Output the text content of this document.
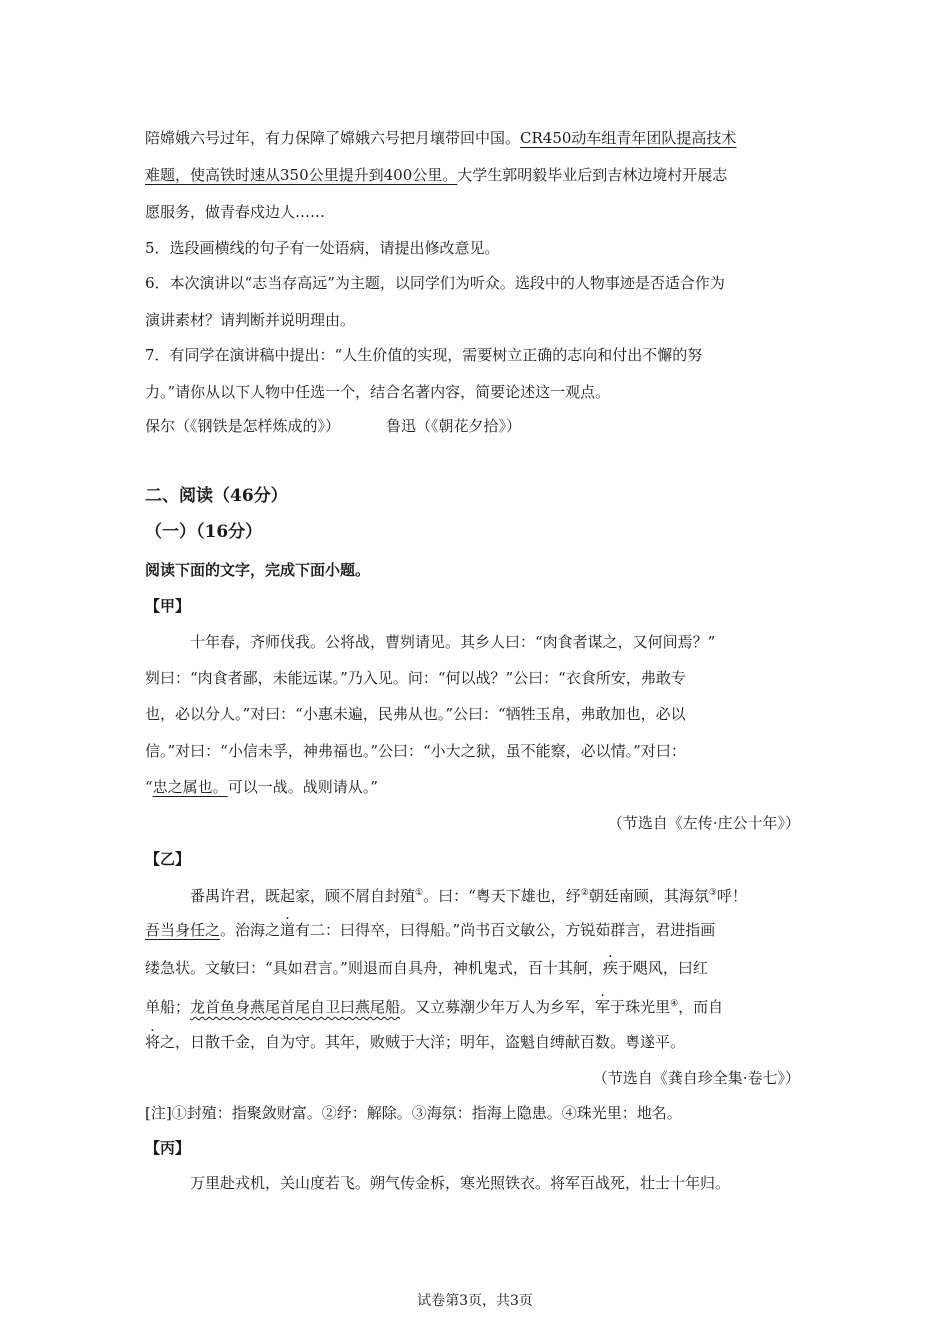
陪嫦娥六号过年，有力保障了嫦娥六号把月壤带回中国。CR450动车组青年团队提高技术
难题，使高铁时速从350公里提升到400公里。大学生郭明毅毕业后到吉林边境村开展志
愿服务，做青春戍边人……
5．选段画横线的句子有一处语病，请提出修改意见。
6．本次演讲以“志当存高远”为主题，以同学们为听众。选段中的人物事迹是否适合作为
演讲素材？请判断并说明理由。
7．有同学在演讲稿中提出：“人生价值的实现，需要树立正确的志向和付出不懈的努
力。”请你从以下人物中任选一个，结合名著内容，简要论述这一观点。
保尔（《钢铁是怎样炼成的》）	鲁迅（《朝花夕拾》）
二、阅读（46分）
（一）（16分）
阅读下面的文字，完成下面小题。
【甲】
十年春，齐师伐我。公将战，曹刿请见。其乡人曰：“肉食者谋之，又何间焉？”
刿曰：“肉食者鄙，未能远谋。”乃入见。问：“何以战？”公曰：“衣食所安，弗敢专
也，必以分人。”对曰：“小惠未遍，民弗从也。”公曰：“牺牲玉帛，弗敢加也，必以
信。”对曰：“小信未孚，神弗福也。”公曰：“小大之狱，虽不能察，必以情。”对曰：
“忠之属也。可以一战。战则请从。”
（节选自《左传·庄公十年》）
【乙】
番禺许君，既起家，顾不屑自封殖①。曰：“粤天下雄也，纾②朝廷南顾，其海氛③呼！
吾当身任之。治海之道有二：曰得卒，曰得船。”尚书百文敏公，方锐茹群言，君进指画
缕急状。文敏曰：“具如君言。”则退而自具舟，神机鬼式，百十其舸，疾于飓风，曰红
单船；龙首鱼身燕尾首尾自卫曰燕尾船。又立募潮少年万人为乡军，军于珠光里④，而自
将之，日散千金，自为守。其年，败贼于大洋；明年，盗魁自缚献百数。粤遂平。
（节选自《龚自珍全集·卷七》）
[注]①封殖：指聚敛财富。②纾：解除。③海氛：指海上隐患。④珠光里：地名。
【丙】
万里赴戎机，关山度若飞。朔气传金柝，寒光照铁衣。将军百战死，壮士十年归。
试卷第3页，共3页
